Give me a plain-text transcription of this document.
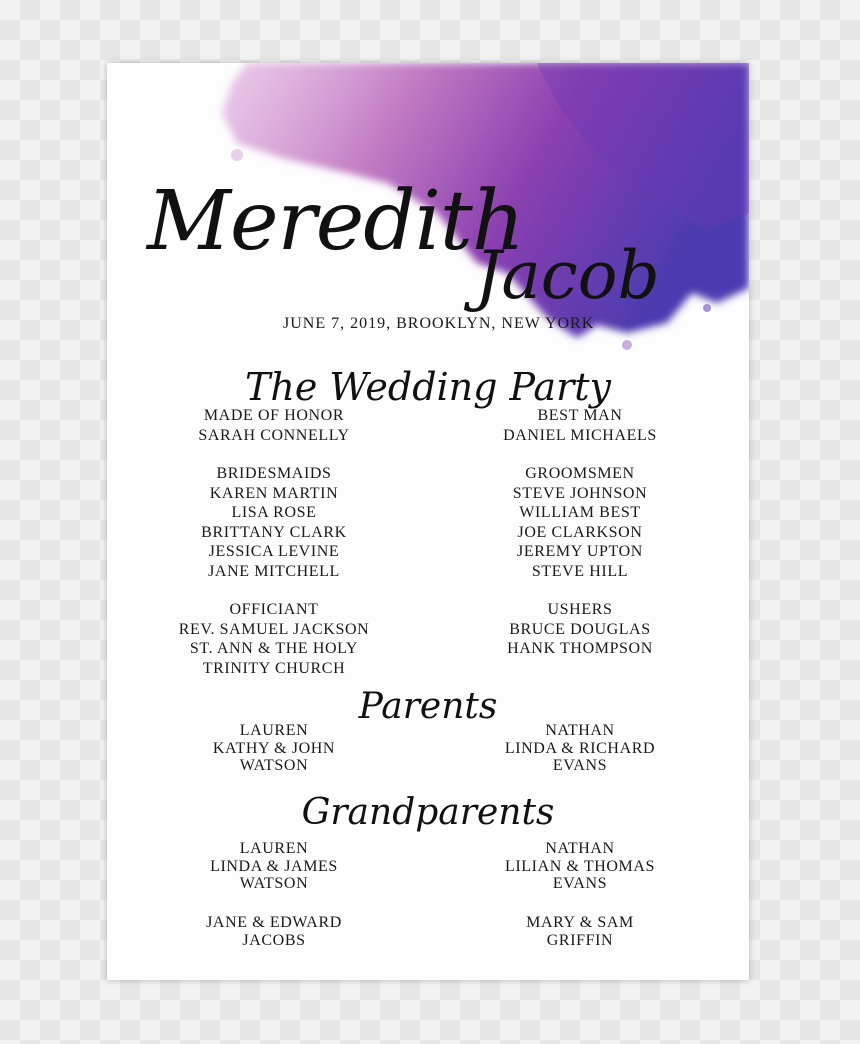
Meredith
Jacob
JUNE 7, 2019, BROOKLYN, NEW YORK
The Wedding Party
MADE OF HONOR
SARAH CONNELLY
BRIDESMAIDS
KAREN MARTIN
LISA ROSE
BRITTANY CLARK
JESSICA LEVINE
JANE MITCHELL
OFFICIANT
REV. SAMUEL JACKSON
ST. ANN & THE HOLY
TRINITY CHURCH
BEST MAN
DANIEL MICHAELS
GROOMSMEN
STEVE JOHNSON
WILLIAM BEST
JOE CLARKSON
JEREMY UPTON
STEVE HILL
USHERS
BRUCE DOUGLAS
HANK THOMPSON
Parents
LAUREN
KATHY & JOHN
WATSON
NATHAN
LINDA & RICHARD
EVANS
Grandparents
LAUREN
LINDA & JAMES
WATSON
JANE & EDWARD
JACOBS
NATHAN
LILIAN & THOMAS
EVANS
MARY & SAM
GRIFFIN
